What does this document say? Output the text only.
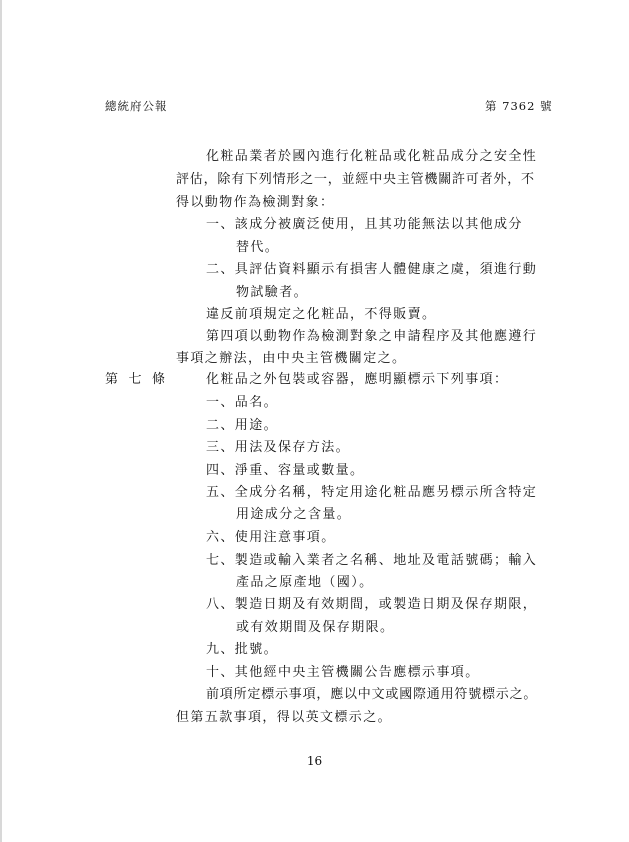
總統府公報	第 7362 號
第 七 條
化粧品業者於國內進行化粧品或化粧品成分之安全性
評估，除有下列情形之一，並經中央主管機關許可者外，不
得以動物作為檢測對象：
一、該成分被廣泛使用，且其功能無法以其他成分
替代。
二、具評估資料顯示有損害人體健康之虞，須進行動
物試驗者。
違反前項規定之化粧品，不得販賣。
第四項以動物作為檢測對象之申請程序及其他應遵行
事項之辦法，由中央主管機關定之。
化粧品之外包裝或容器，應明顯標示下列事項：
一、品名。
二、用途。
三、用法及保存方法。
四、淨重、容量或數量。
五、全成分名稱，特定用途化粧品應另標示所含特定
用途成分之含量。
六、使用注意事項。
七、製造或輸入業者之名稱、地址及電話號碼；輸入
產品之原產地（國）。
八、製造日期及有效期間，或製造日期及保存期限，
或有效期間及保存期限。
九、批號。
十、其他經中央主管機關公告應標示事項。
前項所定標示事項，應以中文或國際通用符號標示之。
但第五款事項，得以英文標示之。
16
